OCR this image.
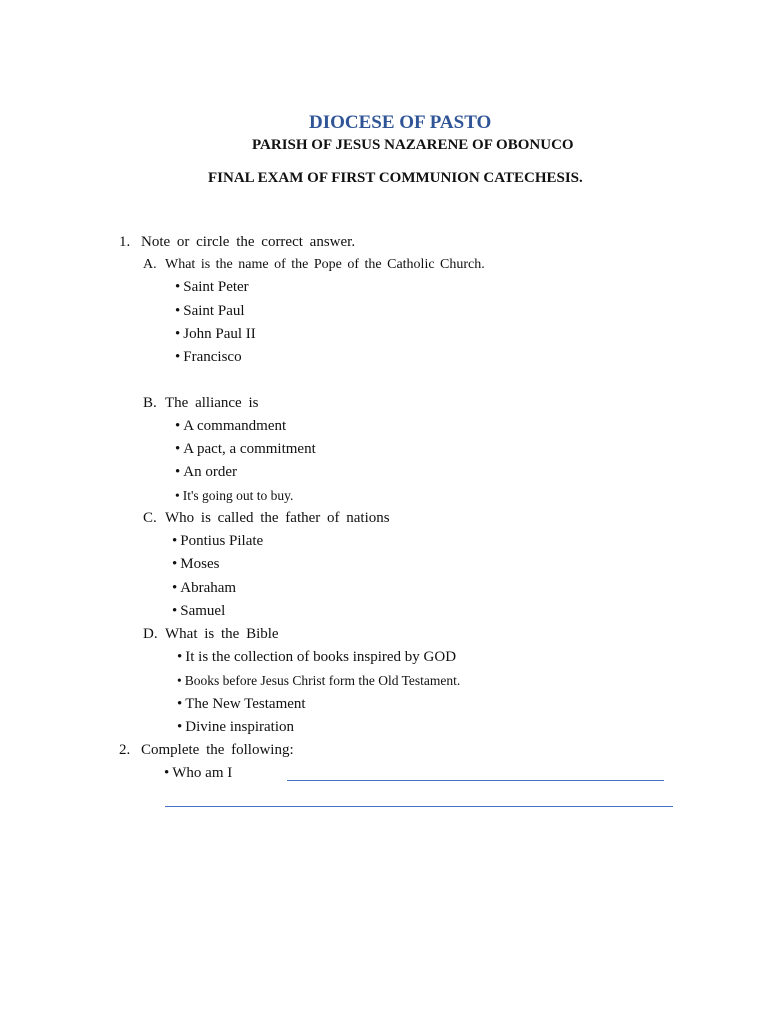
DIOCESE OF PASTO
PARISH OF JESUS NAZARENE OF OBONUCO
FINAL EXAM OF FIRST COMMUNION CATECHESIS.
1. Note or circle the correct answer.
A. What is the name of the Pope of the Catholic Church.
• Saint Peter
• Saint Paul
• John Paul II
• Francisco
B. The alliance is
• A commandment
• A pact, a commitment
• An order
• It's going out to buy.
C. Who is called the father of nations
• Pontius Pilate
• Moses
• Abraham
• Samuel
D. What is the Bible
• It is the collection of books inspired by GOD
• Books before Jesus Christ form the Old Testament.
• The New Testament
• Divine inspiration
2. Complete the following:
• Who am I
